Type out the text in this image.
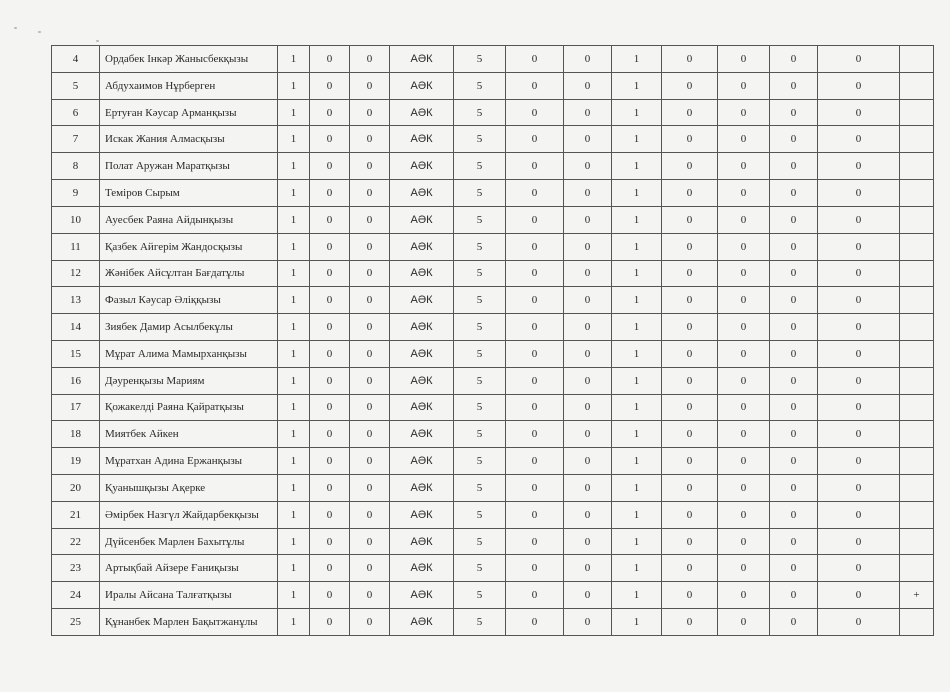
4	Ордабек Інкәр Жанысбекқызы	1	0	0	АӘК	5	0	0	1	0	0	0	0	
5	Абдухаимов Нұрберген	1	0	0	АӘК	5	0	0	1	0	0	0	0	
6	Ертуған Кәусар Арманқызы	1	0	0	АӘК	5	0	0	1	0	0	0	0	
7	Искак Жания Алмасқызы	1	0	0	АӘК	5	0	0	1	0	0	0	0	
8	Полат Аружан Маратқызы	1	0	0	АӘК	5	0	0	1	0	0	0	0	
9	Теміров Сырым	1	0	0	АӘК	5	0	0	1	0	0	0	0	
10	Ауесбек Раяна Айдынқызы	1	0	0	АӘК	5	0	0	1	0	0	0	0	
11	Қазбек Айгерім Жандосқызы	1	0	0	АӘК	5	0	0	1	0	0	0	0	
12	Жәнібек Айсұлтан Бағдатұлы	1	0	0	АӘК	5	0	0	1	0	0	0	0	
13	Фазыл Кәусар Әліққызы	1	0	0	АӘК	5	0	0	1	0	0	0	0	
14	Зиябек Дамир Асылбекұлы	1	0	0	АӘК	5	0	0	1	0	0	0	0	
15	Мұрат Алима Мамырханқызы	1	0	0	АӘК	5	0	0	1	0	0	0	0	
16	Дәуренқызы Мариям	1	0	0	АӘК	5	0	0	1	0	0	0	0	
17	Қожакелді Раяна Қайратқызы	1	0	0	АӘК	5	0	0	1	0	0	0	0	
18	Миятбек Айкен	1	0	0	АӘК	5	0	0	1	0	0	0	0	
19	Мұратхан Адина Ержанқызы	1	0	0	АӘК	5	0	0	1	0	0	0	0	
20	Қуанышқызы Ақерке	1	0	0	АӘК	5	0	0	1	0	0	0	0	
21	Әмірбек Назгүл Жайдарбекқызы	1	0	0	АӘК	5	0	0	1	0	0	0	0	
22	Дүйсенбек Марлен Бахытұлы	1	0	0	АӘК	5	0	0	1	0	0	0	0	
23	Артықбай Айзере Ғаниқызы	1	0	0	АӘК	5	0	0	1	0	0	0	0	
24	Иралы Айсана Талғатқызы	1	0	0	АӘК	5	0	0	1	0	0	0	0	+
25	Құнанбек Марлен Бақытжанұлы	1	0	0	АӘК	5	0	0	1	0	0	0	0	
